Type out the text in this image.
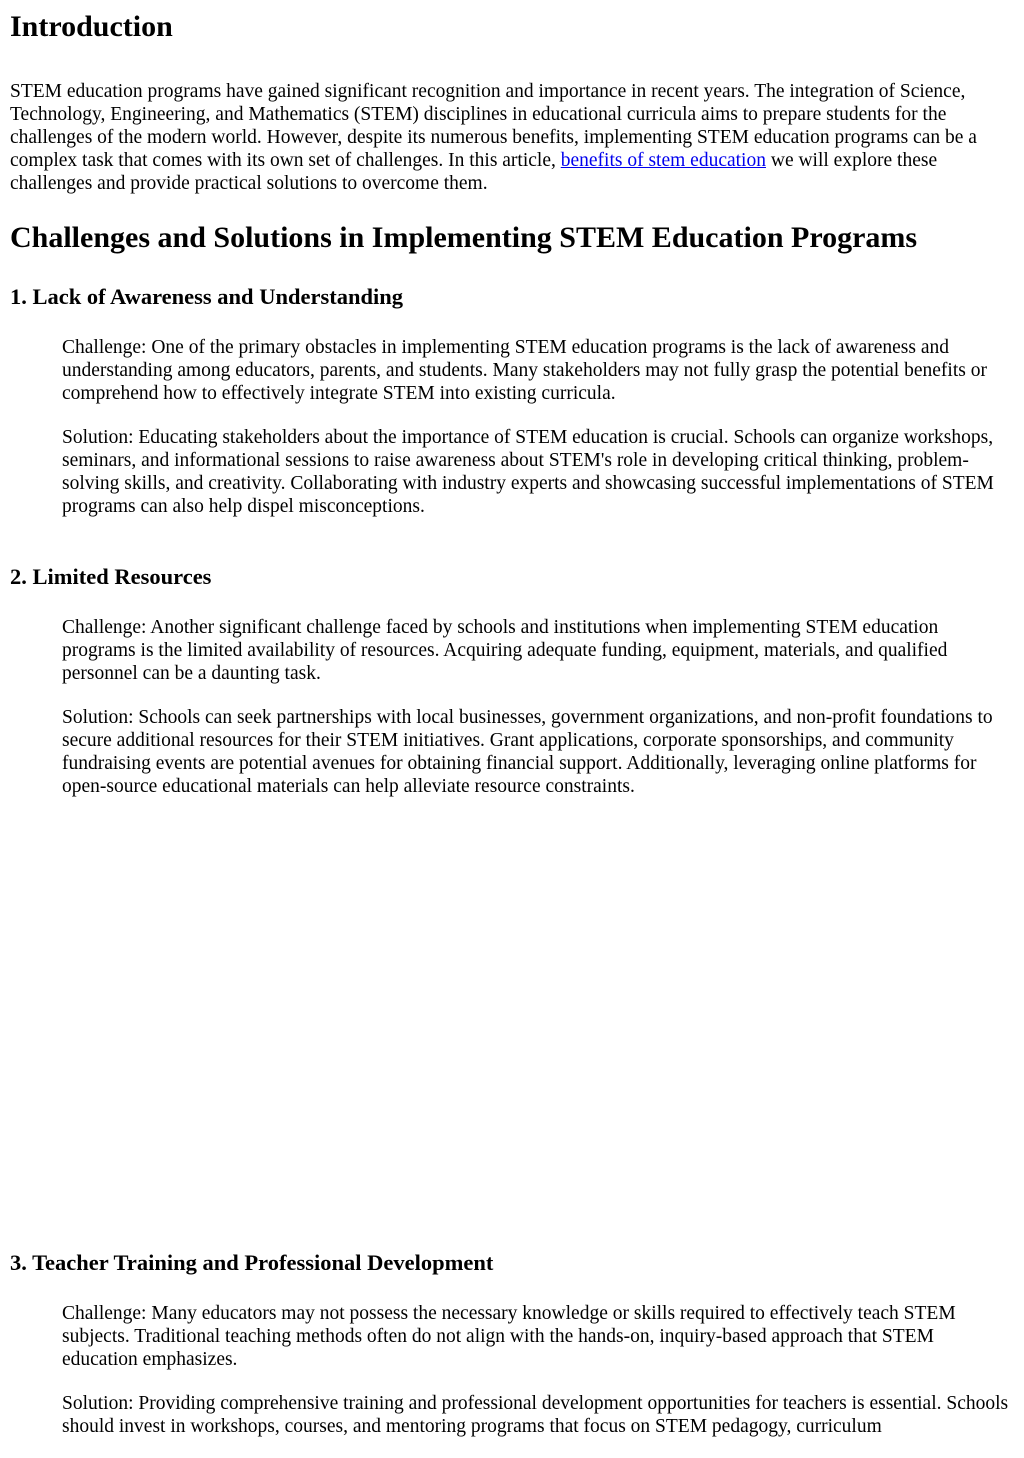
Introduction

STEM education programs have gained significant recognition and importance in recent years. The integration of Science, Technology, Engineering, and Mathematics (STEM) disciplines in educational curricula aims to prepare students for the challenges of the modern world. However, despite its numerous benefits, implementing STEM education programs can be a complex task that comes with its own set of challenges. In this article, benefits of stem education we will explore these challenges and provide practical solutions to overcome them.

Challenges and Solutions in Implementing STEM Education Programs
1. Lack of Awareness and Understanding

Challenge: One of the primary obstacles in implementing STEM education programs is the lack of awareness and understanding among educators, parents, and students. Many stakeholders may not fully grasp the potential benefits or comprehend how to effectively integrate STEM into existing curricula.

Solution: Educating stakeholders about the importance of STEM education is crucial. Schools can organize workshops, seminars, and informational sessions to raise awareness about STEM's role in developing critical thinking, problem-solving skills, and creativity. Collaborating with industry experts and showcasing successful implementations of STEM programs can also help dispel misconceptions.

2. Limited Resources

Challenge: Another significant challenge faced by schools and institutions when implementing STEM education programs is the limited availability of resources. Acquiring adequate funding, equipment, materials, and qualified personnel can be a daunting task.

Solution: Schools can seek partnerships with local businesses, government organizations, and non-profit foundations to secure additional resources for their STEM initiatives. Grant applications, corporate sponsorships, and community fundraising events are potential avenues for obtaining financial support. Additionally, leveraging online platforms for open-source educational materials can help alleviate resource constraints.

3. Teacher Training and Professional Development

Challenge: Many educators may not possess the necessary knowledge or skills required to effectively teach STEM subjects. Traditional teaching methods often do not align with the hands-on, inquiry-based approach that STEM education emphasizes.

Solution: Providing comprehensive training and professional development opportunities for teachers is essential. Schools should invest in workshops, courses, and mentoring programs that focus on STEM pedagogy, curriculum
